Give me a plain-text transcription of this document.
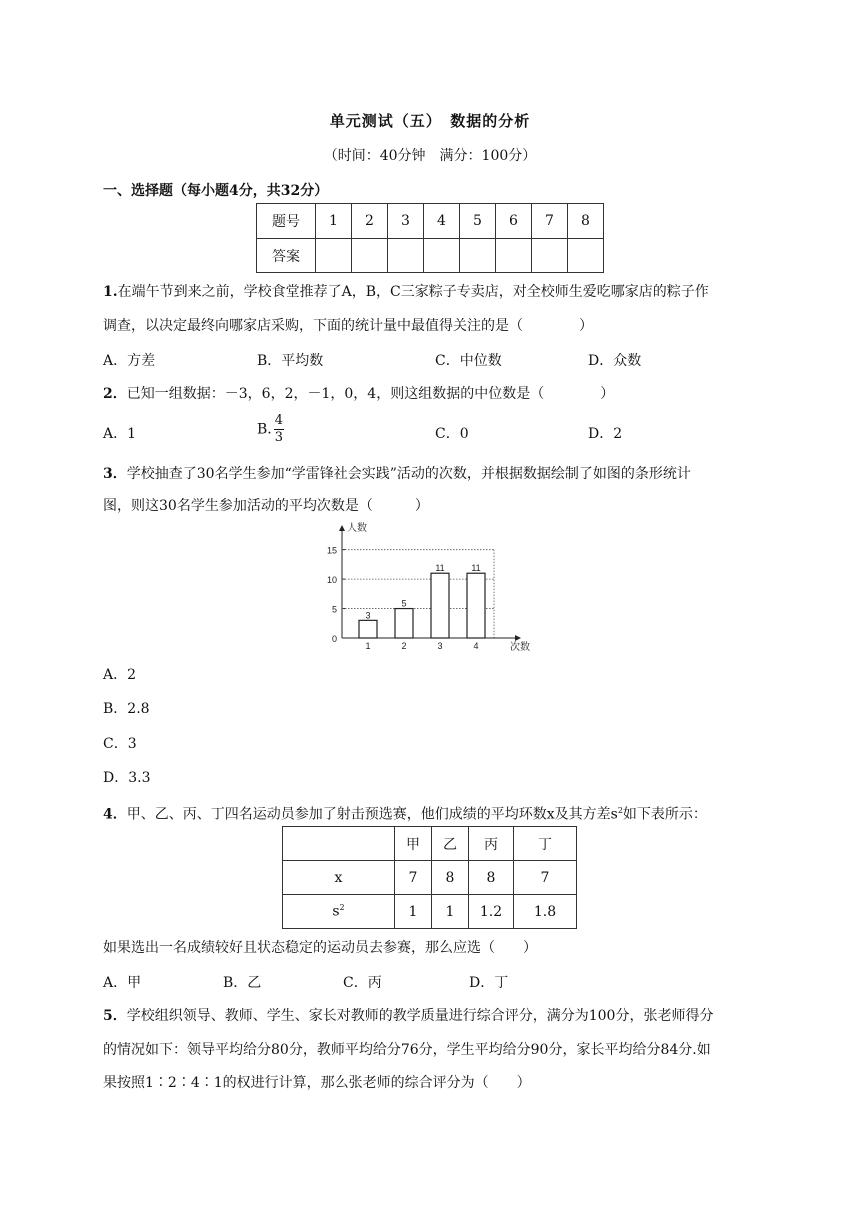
单元测试（五）　数据的分析
（时间：40分钟　满分：100分）
一、选择题（每小题4分，共32分）
题号	1	2	3	4	5	6	7	8
答案								
1.在端午节到来之前，学校食堂推荐了A，B，C三家粽子专卖店，对全校师生爱吃哪家店的粽子作
调查，以决定最终向哪家店采购，下面的统计量中最值得关注的是（　　　　）
A．方差	B．平均数	C．中位数	D．众数
2．已知一组数据：－3，6，2，－1，0，4，则这组数据的中位数是（　　　　）
A．1	B. $\frac{4}{3}$	C．0	D．2
3．学校抽查了30名学生参加“学雷锋社会实践”活动的次数，并根据数据绘制了如图的条形统计
图，则这30名学生参加活动的平均次数是（　　　）
0
5
10
15
3
1
5
2
11
3
11
4
人数
次数
A．2
B．2.8
C．3
D．3.3
4．甲、乙、丙、丁四名运动员参加了射击预选赛，他们成绩的平均环数x及其方差$s^2$如下表所示：
	甲	乙	丙	丁
x	7	8	8	7
$s^2$	1	1	1.2	1.8
如果选出一名成绩较好且状态稳定的运动员去参赛，那么应选（　　）
A．甲	B．乙	C．丙	D．丁
5．学校组织领导、教师、学生、家长对教师的教学质量进行综合评分，满分为100分，张老师得分
的情况如下：领导平均给分80分，教师平均给分76分，学生平均给分90分，家长平均给分84分.如
果按照1∶2∶4∶1的权进行计算，那么张老师的综合评分为（　　）
